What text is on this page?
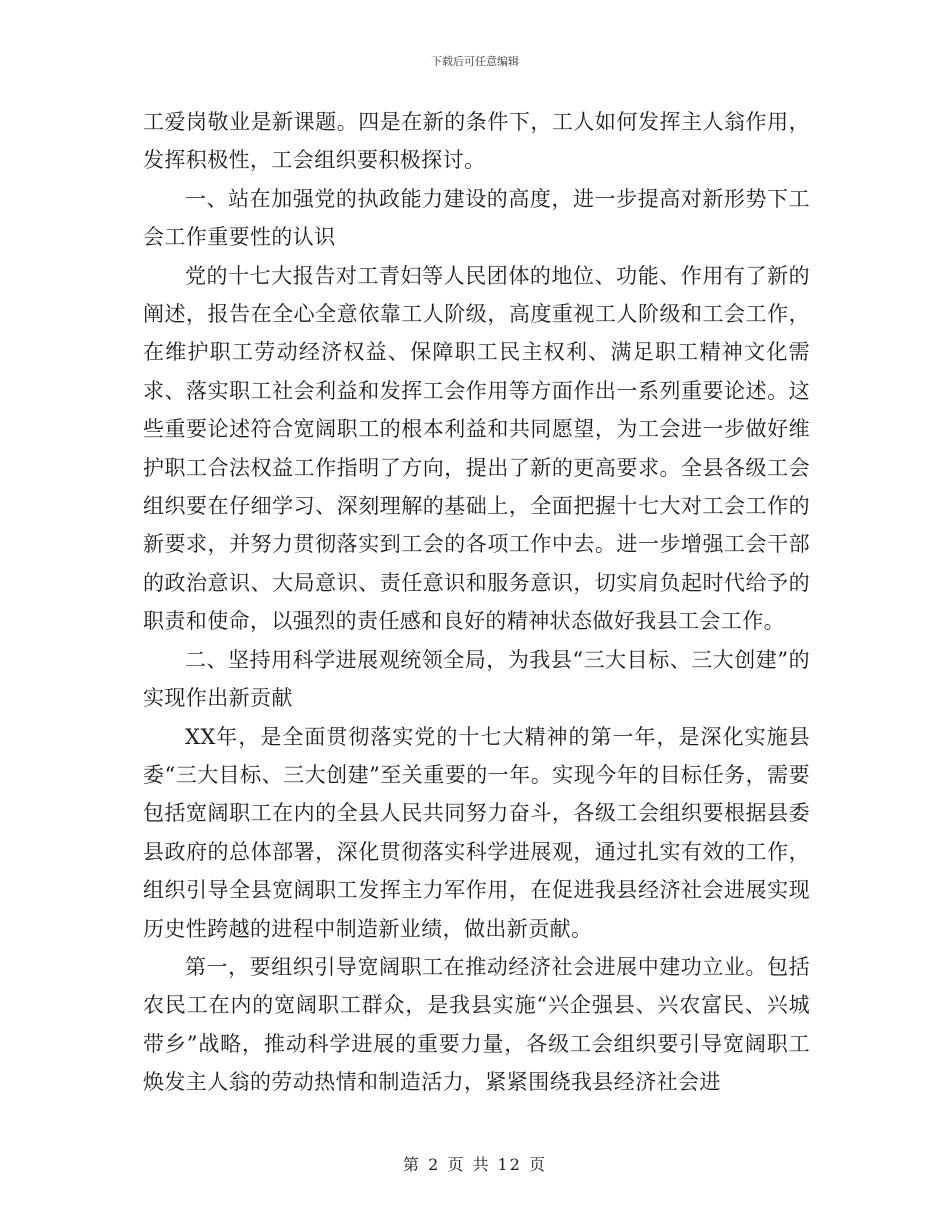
下载后可任意编辑

工爱岗敬业是新课题。四是在新的条件下，工人如何发挥主人翁作用，发挥积极性，工会组织要积极探讨。

一、站在加强党的执政能力建设的高度，进一步提高对新形势下工会工作重要性的认识

党的十七大报告对工青妇等人民团体的地位、功能、作用有了新的阐述，报告在全心全意依靠工人阶级，高度重视工人阶级和工会工作，在维护职工劳动经济权益、保障职工民主权利、满足职工精神文化需求、落实职工社会利益和发挥工会作用等方面作出一系列重要论述。这些重要论述符合宽阔职工的根本利益和共同愿望，为工会进一步做好维护职工合法权益工作指明了方向，提出了新的更高要求。全县各级工会组织要在仔细学习、深刻理解的基础上，全面把握十七大对工会工作的新要求，并努力贯彻落实到工会的各项工作中去。进一步增强工会干部的政治意识、大局意识、责任意识和服务意识，切实肩负起时代给予的职责和使命，以强烈的责任感和良好的精神状态做好我县工会工作。

二、坚持用科学进展观统领全局，为我县“三大目标、三大创建”的实现作出新贡献

XX年，是全面贯彻落实党的十七大精神的第一年，是深化实施县委“三大目标、三大创建”至关重要的一年。实现今年的目标任务，需要包括宽阔职工在内的全县人民共同努力奋斗，各级工会组织要根据县委县政府的总体部署，深化贯彻落实科学进展观，通过扎实有效的工作，组织引导全县宽阔职工发挥主力军作用，在促进我县经济社会进展实现历史性跨越的进程中制造新业绩，做出新贡献。

第一，要组织引导宽阔职工在推动经济社会进展中建功立业。包括农民工在内的宽阔职工群众，是我县实施“兴企强县、兴农富民、兴城带乡”战略，推动科学进展的重要力量，各级工会组织要引导宽阔职工焕发主人翁的劳动热情和制造活力，紧紧围绕我县经济社会进

第 2 页 共 12 页
